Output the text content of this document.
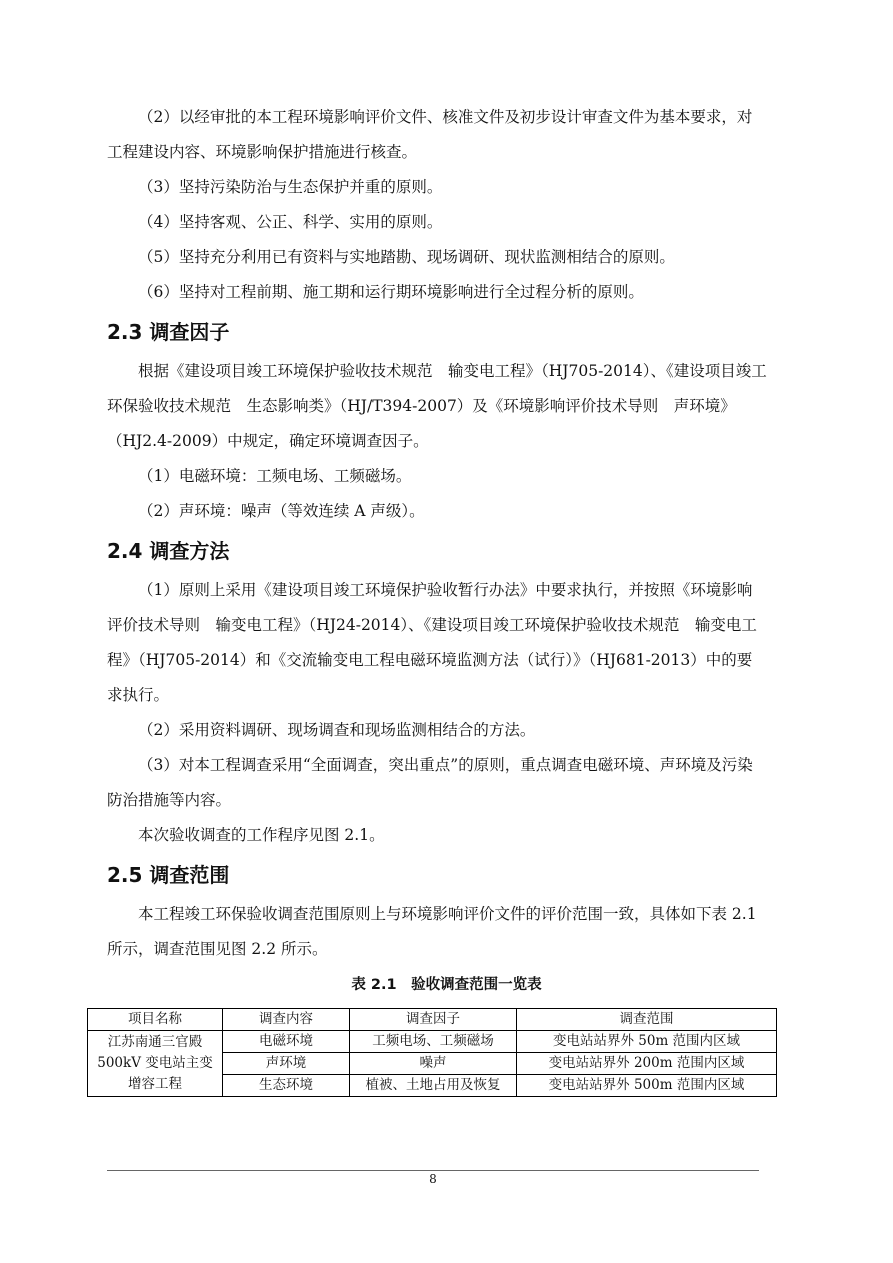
（2）以经审批的本工程环境影响评价文件、核准文件及初步设计审查文件为基本要求，对工程建设内容、环境影响保护措施进行核查。
（3）坚持污染防治与生态保护并重的原则。
（4）坚持客观、公正、科学、实用的原则。
（5）坚持充分利用已有资料与实地踏勘、现场调研、现状监测相结合的原则。
（6）坚持对工程前期、施工期和运行期环境影响进行全过程分析的原则。
2.3 调查因子
根据《建设项目竣工环境保护验收技术规范　输变电工程》（HJ705-2014）、《建设项目竣工环保验收技术规范　生态影响类》（HJ/T394-2007）及《环境影响评价技术导则　声环境》（HJ2.4-2009）中规定，确定环境调查因子。
（1）电磁环境：工频电场、工频磁场。
（2）声环境：噪声（等效连续 A 声级）。
2.4 调查方法
（1）原则上采用《建设项目竣工环境保护验收暂行办法》中要求执行，并按照《环境影响评价技术导则　输变电工程》（HJ24-2014）、《建设项目竣工环境保护验收技术规范　输变电工程》（HJ705-2014）和《交流输变电工程电磁环境监测方法（试行）》（HJ681-2013）中的要求执行。
（2）采用资料调研、现场调查和现场监测相结合的方法。
（3）对本工程调查采用“全面调查，突出重点”的原则，重点调查电磁环境、声环境及污染防治措施等内容。
本次验收调查的工作程序见图 2.1。
2.5 调查范围
本工程竣工环保验收调查范围原则上与环境影响评价文件的评价范围一致，具体如下表 2.1 所示，调查范围见图 2.2 所示。
表 2.1　验收调查范围一览表
项目名称	调查内容	调查因子	调查范围
江苏南通三官殿500kV 变电站主变增容工程	电磁环境	工频电场、工频磁场	变电站站界外 50m 范围内区域
	声环境	噪声	变电站站界外 200m 范围内区域
	生态环境	植被、土地占用及恢复	变电站站界外 500m 范围内区域
8
